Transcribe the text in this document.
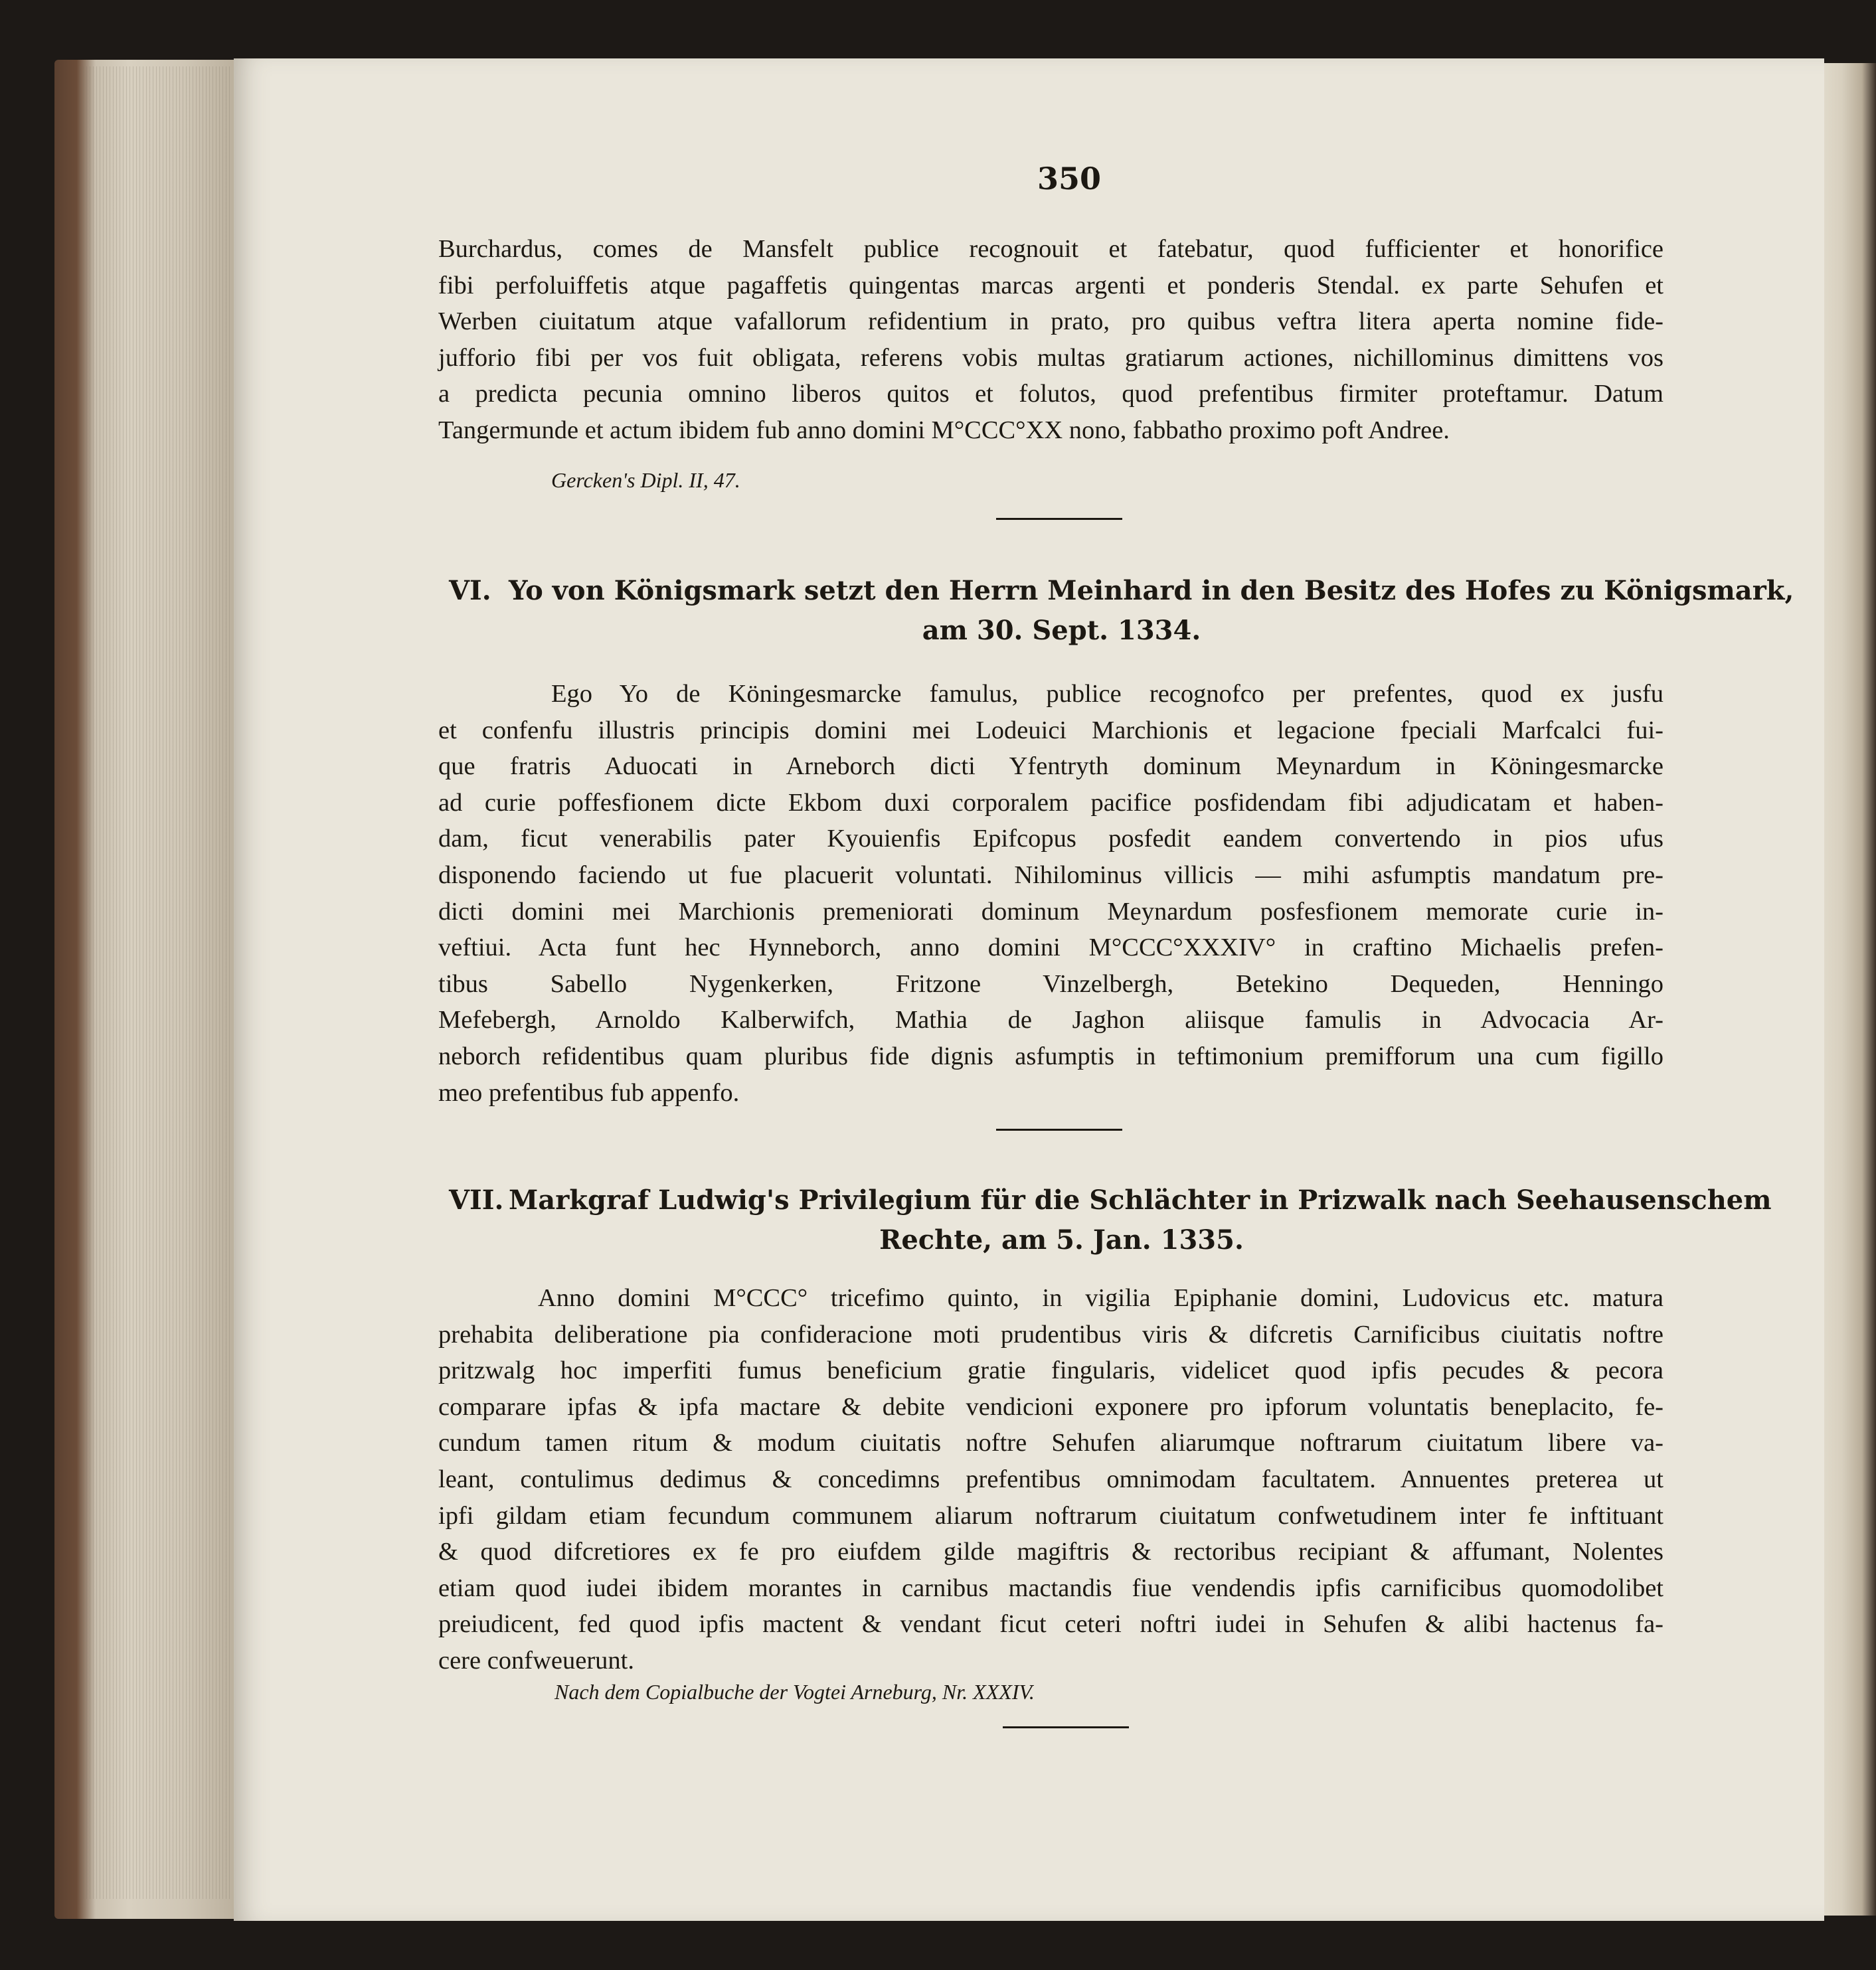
350
Burchardus, comes de Mansfelt publice recognouit et fatebatur, quod fufficienter et honorifice
fibi perfoluiffetis atque pagaffetis quingentas marcas argenti et ponderis Stendal. ex parte Sehufen et
Werben ciuitatum atque vafallorum refidentium in prato, pro quibus veftra litera aperta nomine fide-
jufforio fibi per vos fuit obligata, referens vobis multas gratiarum actiones, nichillominus dimittens vos
a predicta pecunia omnino liberos quitos et folutos, quod prefentibus firmiter proteftamur. Datum
Tangermunde et actum ibidem fub anno domini M°CCC°XX nono, fabbatho proximo poft Andree.
Gercken's Dipl. II, 47.
VI. Yo von Königsmark setzt den Herrn Meinhard in den Besitz des Hofes zu Königsmark,
am 30. Sept. 1334.
Ego Yo de Köningesmarcke famulus, publice recognofco per prefentes, quod ex jusfu
et confenfu illustris principis domini mei Lodeuici Marchionis et legacione fpeciali Marfcalci fui-
que fratris Aduocati in Arneborch dicti Yfentryth dominum Meynardum in Köningesmarcke
ad curie poffesfionem dicte Ekbom duxi corporalem pacifice posfidendam fibi adjudicatam et haben-
dam, ficut venerabilis pater Kyouienfis Epifcopus posfedit eandem convertendo in pios ufus
disponendo faciendo ut fue placuerit voluntati. Nihilominus villicis — mihi asfumptis mandatum pre-
dicti domini mei Marchionis premeniorati dominum Meynardum posfesfionem memorate curie in-
veftiui. Acta funt hec Hynneborch, anno domini M°CCC°XXXIV° in craftino Michaelis prefen-
tibus Sabello Nygenkerken, Fritzone Vinzelbergh, Betekino Dequeden, Henningo
Mefebergh, Arnoldo Kalberwifch, Mathia de Jaghon aliisque famulis in Advocacia Ar-
neborch refidentibus quam pluribus fide dignis asfumptis in teftimonium premifforum una cum figillo
meo prefentibus fub appenfo.
VII. Markgraf Ludwig's Privilegium für die Schlächter in Prizwalk nach Seehausenschem
Rechte, am 5. Jan. 1335.
Anno domini M°CCC° tricefimo quinto, in vigilia Epiphanie domini, Ludovicus etc. matura
prehabita deliberatione pia confideracione moti prudentibus viris & difcretis Carnificibus ciuitatis noftre
pritzwalg hoc imperfiti fumus beneficium gratie fingularis, videlicet quod ipfis pecudes & pecora
comparare ipfas & ipfa mactare & debite vendicioni exponere pro ipforum voluntatis beneplacito, fe-
cundum tamen ritum & modum ciuitatis noftre Sehufen aliarumque noftrarum ciuitatum libere va-
leant, contulimus dedimus & concedimns prefentibus omnimodam facultatem. Annuentes preterea ut
ipfi gildam etiam fecundum communem aliarum noftrarum ciuitatum confwetudinem inter fe inftituant
& quod difcretiores ex fe pro eiufdem gilde magiftris & rectoribus recipiant & affumant, Nolentes
etiam quod iudei ibidem morantes in carnibus mactandis fiue vendendis ipfis carnificibus quomodolibet
preiudicent, fed quod ipfis mactent & vendant ficut ceteri noftri iudei in Sehufen & alibi hactenus fa-
cere confweuerunt.
Nach dem Copialbuche der Vogtei Arneburg, Nr. XXXIV.
